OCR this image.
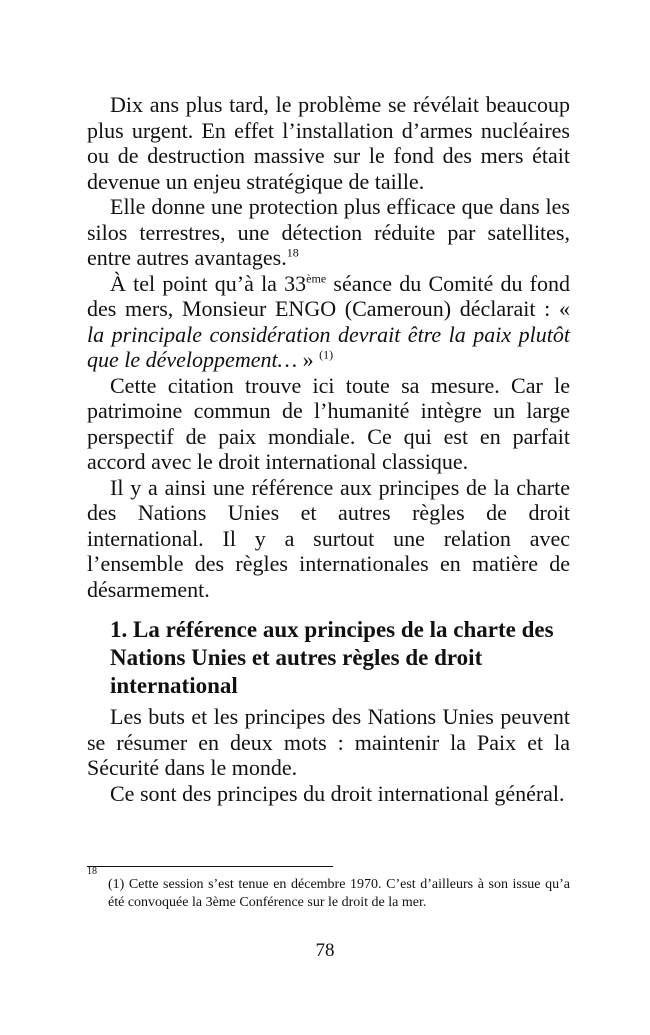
Dix ans plus tard, le problème se révélait beaucoup plus urgent. En effet l’installation d’armes nucléaires ou de destruction massive sur le fond des mers était devenue un enjeu stratégique de taille.

Elle donne une protection plus efficace que dans les silos terrestres, une détection réduite par satellites, entre autres avantages.$^{18}$

À tel point qu’à la 33ème séance du Comité du fond des mers, Monsieur ENGO (Cameroun) déclarait : « la principale considération devrait être la paix plutôt que le développement… » $^{(1)}$

Cette citation trouve ici toute sa mesure. Car le patrimoine commun de l’humanité intègre un large perspectif de paix mondiale. Ce qui est en parfait accord avec le droit international classique.

Il y a ainsi une référence aux principes de la charte des Nations Unies et autres règles de droit international. Il y a surtout une relation avec l’ensemble des règles internationales en matière de désarmement.

1. La référence aux principes de la charte des Nations Unies et autres règles de droit international

Les buts et les principes des Nations Unies peuvent se résumer en deux mots : maintenir la Paix et la Sécurité dans le monde.

Ce sont des principes du droit international général.

18
(1) Cette session s’est tenue en décembre 1970. C’est d’ailleurs à son issue qu’a été convoquée la 3ème Conférence sur le droit de la mer.
78
